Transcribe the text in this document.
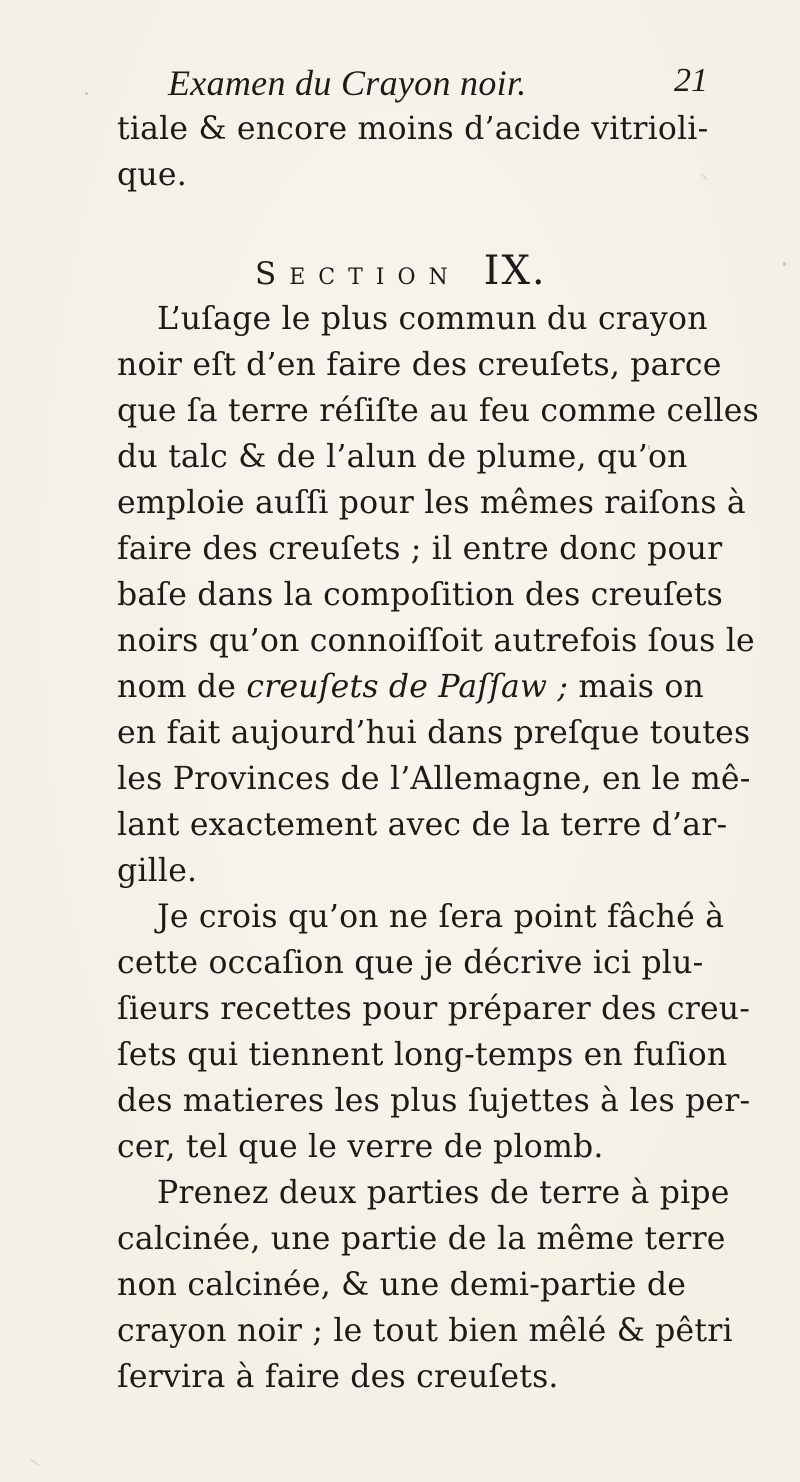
Examen du Crayon noir.	21
tiale & encore moins d’acide vitrioli-
que.
Section IX.
L’uſage le plus commun du crayon
noir eſt d’en faire des creuſets, parce
que ſa terre réſiſte au feu comme celles
du talc & de l’alun de plume, qu’on
emploie auſſi pour les mêmes raiſons à
faire des creuſets ; il entre donc pour
baſe dans la compoſition des creuſets
noirs qu’on connoiſſoit autrefois ſous le
nom de creuſets de Paſſaw ; mais on
en fait aujourd’hui dans preſque toutes
les Provinces de l’Allemagne, en le mê-
lant exactement avec de la terre d’ar-
gille.
Je crois qu’on ne ſera point fâché à
cette occaſion que je décrive ici plu-
ſieurs recettes pour préparer des creu-
ſets qui tiennent long-temps en fuſion
des matieres les plus ſujettes à les per-
cer, tel que le verre de plomb.
Prenez deux parties de terre à pipe
calcinée, une partie de la même terre
non calcinée, & une demi-partie de
crayon noir ; le tout bien mêlé & pêtri
ſervira à faire des creuſets.
